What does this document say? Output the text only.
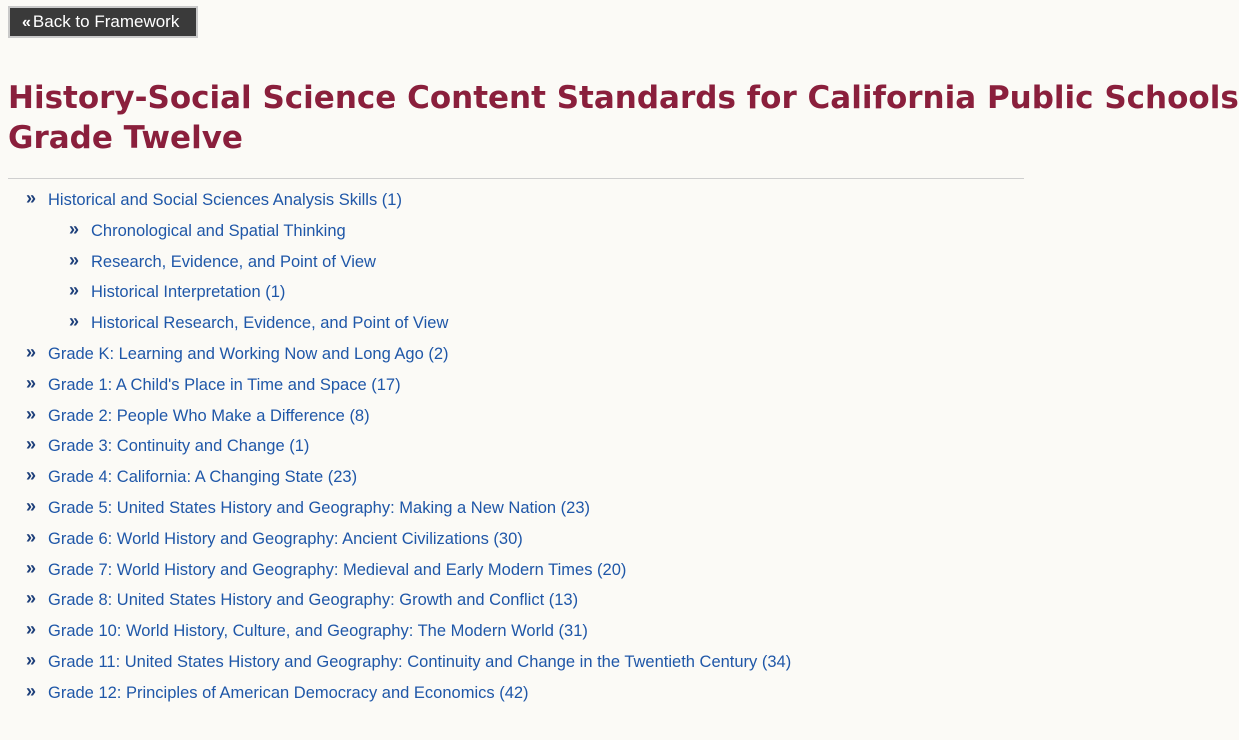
« Back to Framework
History-Social Science Content Standards for California Public Schools
Grade Twelve
» Historical and Social Sciences Analysis Skills (1)
» Chronological and Spatial Thinking
» Research, Evidence, and Point of View
» Historical Interpretation (1)
» Historical Research, Evidence, and Point of View
» Grade K: Learning and Working Now and Long Ago (2)
» Grade 1: A Child's Place in Time and Space (17)
» Grade 2: People Who Make a Difference (8)
» Grade 3: Continuity and Change (1)
» Grade 4: California: A Changing State (23)
» Grade 5: United States History and Geography: Making a New Nation (23)
» Grade 6: World History and Geography: Ancient Civilizations (30)
» Grade 7: World History and Geography: Medieval and Early Modern Times (20)
» Grade 8: United States History and Geography: Growth and Conflict (13)
» Grade 10: World History, Culture, and Geography: The Modern World (31)
» Grade 11: United States History and Geography: Continuity and Change in the Twentieth Century (34)
» Grade 12: Principles of American Democracy and Economics (42)
